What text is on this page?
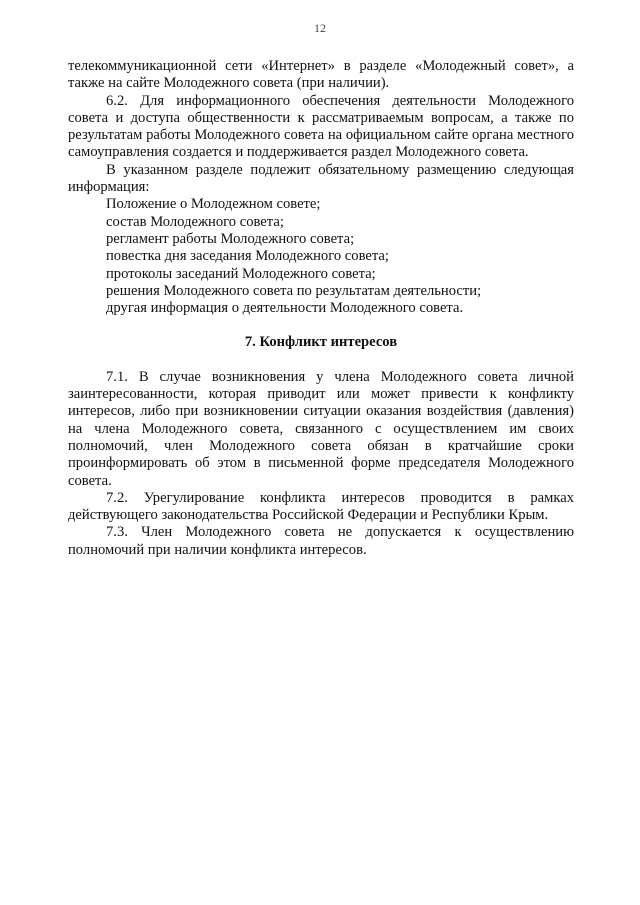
12

телекоммуникационной сети «Интернет» в разделе «Молодежный совет», а также на сайте Молодежного совета (при наличии).

6.2. Для информационного обеспечения деятельности Молодежного совета и доступа общественности к рассматриваемым вопросам, а также по результатам работы Молодежного совета на официальном сайте органа местного самоуправления создается и поддерживается раздел Молодежного совета.

В указанном разделе подлежит обязательному размещению следующая информация:

Положение о Молодежном совете;
состав Молодежного совета;
регламент работы Молодежного совета;
повестка дня заседания Молодежного совета;
протоколы заседаний Молодежного совета;
решения Молодежного совета по результатам деятельности;
другая информация о деятельности Молодежного совета.

7. Конфликт интересов

7.1. В случае возникновения у члена Молодежного совета личной заинтересованности, которая приводит или может привести к конфликту интересов, либо при возникновении ситуации оказания воздействия (давления) на члена Молодежного совета, связанного с осуществлением им своих полномочий, член Молодежного совета обязан в кратчайшие сроки проинформировать об этом в письменной форме председателя Молодежного совета.

7.2. Урегулирование конфликта интересов проводится в рамках действующего законодательства Российской Федерации и Республики Крым.

7.3. Член Молодежного совета не допускается к осуществлению полномочий при наличии конфликта интересов.
